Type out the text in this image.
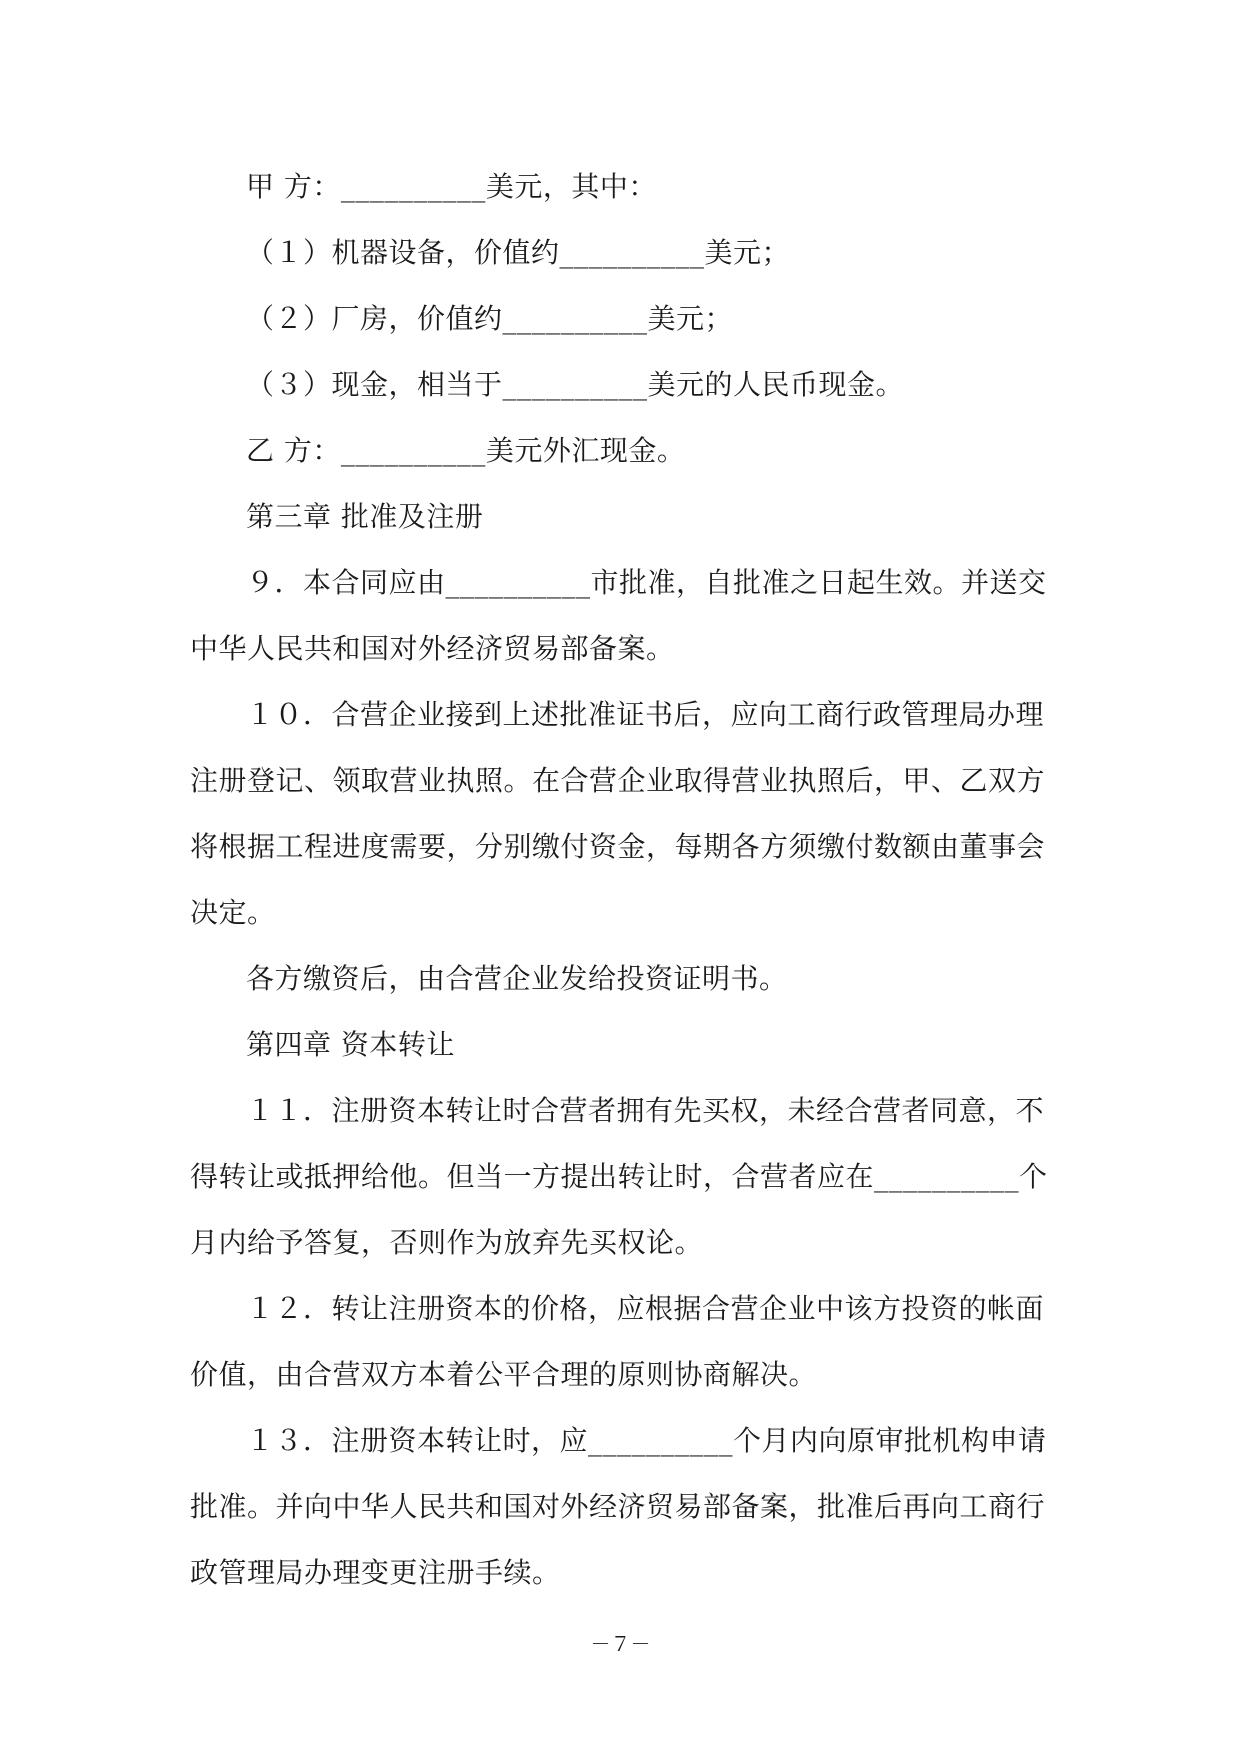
甲 方：__________美元，其中：
（１）机器设备，价值约__________美元；
（２）厂房，价值约__________美元；
（３）现金，相当于__________美元的人民币现金。
乙 方：__________美元外汇现金。
第三章 批准及注册
９．本合同应由__________市批准，自批准之日起生效。并送交
中华人民共和国对外经济贸易部备案。
１０．合营企业接到上述批准证书后，应向工商行政管理局办理
注册登记、领取营业执照。在合营企业取得营业执照后，甲、乙双方
将根据工程进度需要，分别缴付资金，每期各方须缴付数额由董事会
决定。
各方缴资后，由合营企业发给投资证明书。
第四章 资本转让
１１．注册资本转让时合营者拥有先买权，未经合营者同意，不
得转让或抵押给他。但当一方提出转让时，合营者应在__________个
月内给予答复，否则作为放弃先买权论。
１２．转让注册资本的价格，应根据合营企业中该方投资的帐面
价值，由合营双方本着公平合理的原则协商解决。
１３．注册资本转让时，应__________个月内向原审批机构申请
批准。并向中华人民共和国对外经济贸易部备案，批准后再向工商行
政管理局办理变更注册手续。
－７－
